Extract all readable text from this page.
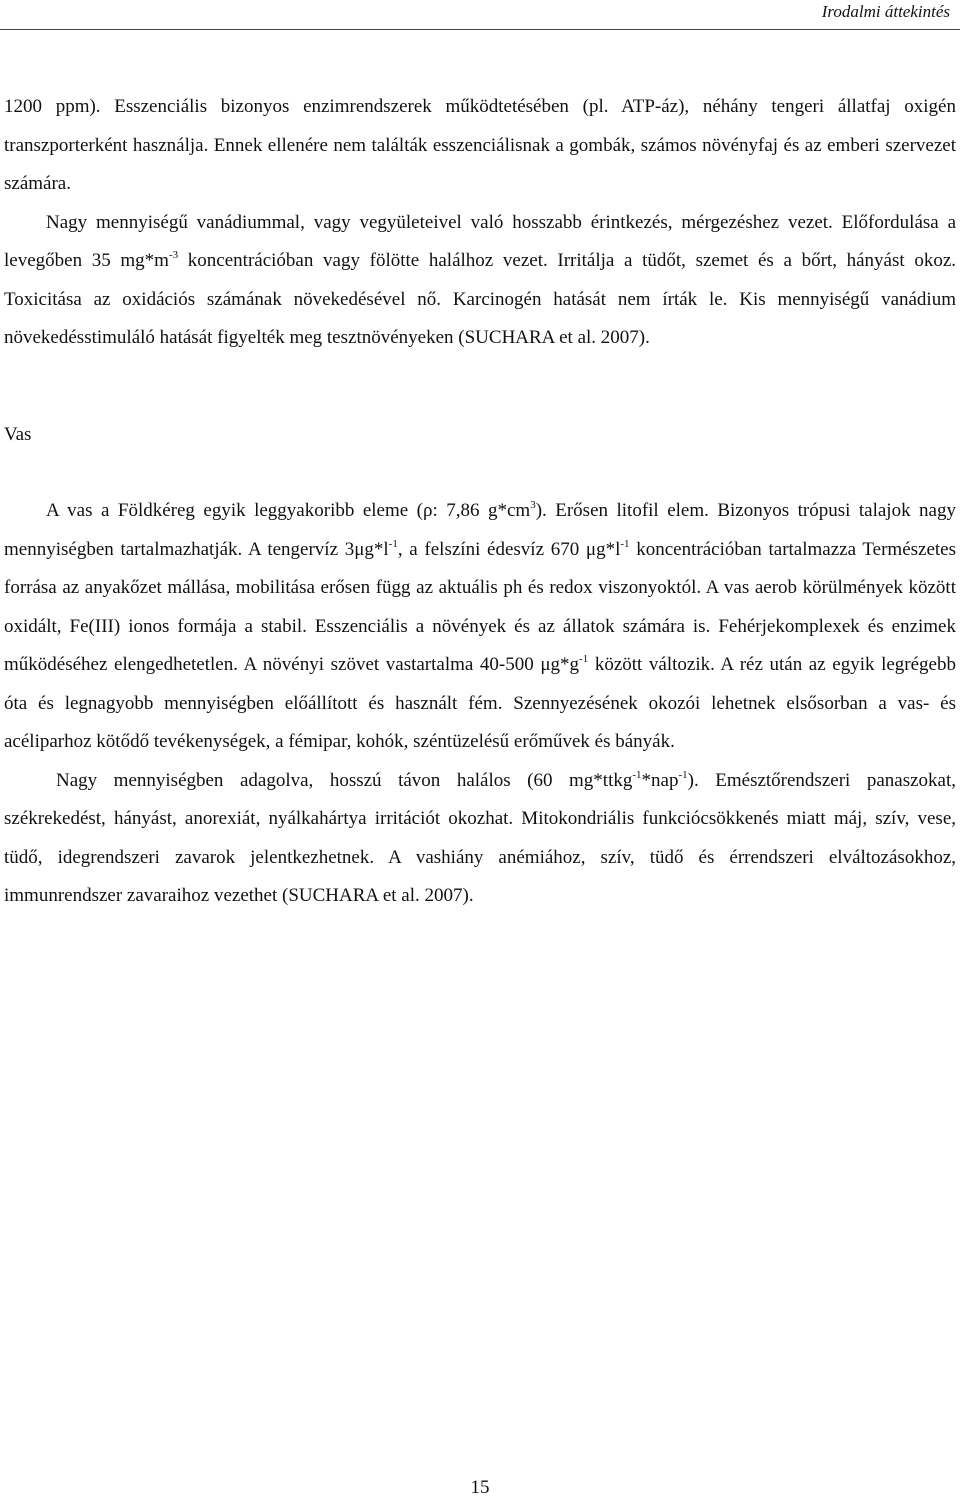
Irodalmi áttekintés

1200 ppm). Esszenciális bizonyos enzimrendszerek működtetésében (pl. ATP-áz), néhány tengeri állatfaj oxigén transzporterként használja. Ennek ellenére nem találták esszenciálisnak a gombák, számos növényfaj és az emberi szervezet számára.

Nagy mennyiségű vanádiummal, vagy vegyületeivel való hosszabb érintkezés, mérgezéshez vezet. Előfordulása a levegőben 35 $mg*m^{-3}$ koncentrációban vagy fölötte halálhoz vezet. Irritálja a tüdőt, szemet és a bőrt, hányást okoz. Toxicitása az oxidációs számának növekedésével nő. Karcinogén hatását nem írták le. Kis mennyiségű vanádium növekedésstimuláló hatását figyelték meg tesztnövényeken (SUCHARA et al. 2007).

Vas

A vas a Földkéreg egyik leggyakoribb eleme (ρ: 7,86 $g*cm^3$). Erősen litofil elem. Bizonyos trópusi talajok nagy mennyiségben tartalmazhatják. A tengervíz $3\mu g*l^{-1}$, a felszíni édesvíz 670 $\mu g*l^{-1}$ koncentrációban tartalmazza Természetes forrása az anyakőzet mállása, mobilitása erősen függ az aktuális ph és redox viszonyoktól. A vas aerob körülmények között oxidált, Fe(III) ionos formája a stabil. Esszenciális a növények és az állatok számára is. Fehérjekomplexek és enzimek működéséhez elengedhetetlen. A növényi szövet vastartalma 40-500 $\mu g*g^{-1}$ között változik. A réz után az egyik legrégebb óta és legnagyobb mennyiségben előállított és használt fém. Szennyezésének okozói lehetnek elsősorban a vas- és acéliparhoz kötődő tevékenységek, a fémipar, kohók, széntüzelésű erőművek és bányák.

Nagy mennyiségben adagolva, hosszú távon halálos (60 mg*ttkg$^{-1}$*nap$^{-1}$). Emésztőrendszeri panaszokat, székrekedést, hányást, anorexiát, nyálkahártya irritációt okozhat. Mitokondriális funkciócsökkenés miatt máj, szív, vese, tüdő, idegrendszeri zavarok jelentkezhetnek. A vashiány anémiához, szív, tüdő és érrendszeri elváltozásokhoz, immunrendszer zavaraihoz vezethet (SUCHARA et al. 2007).

15
